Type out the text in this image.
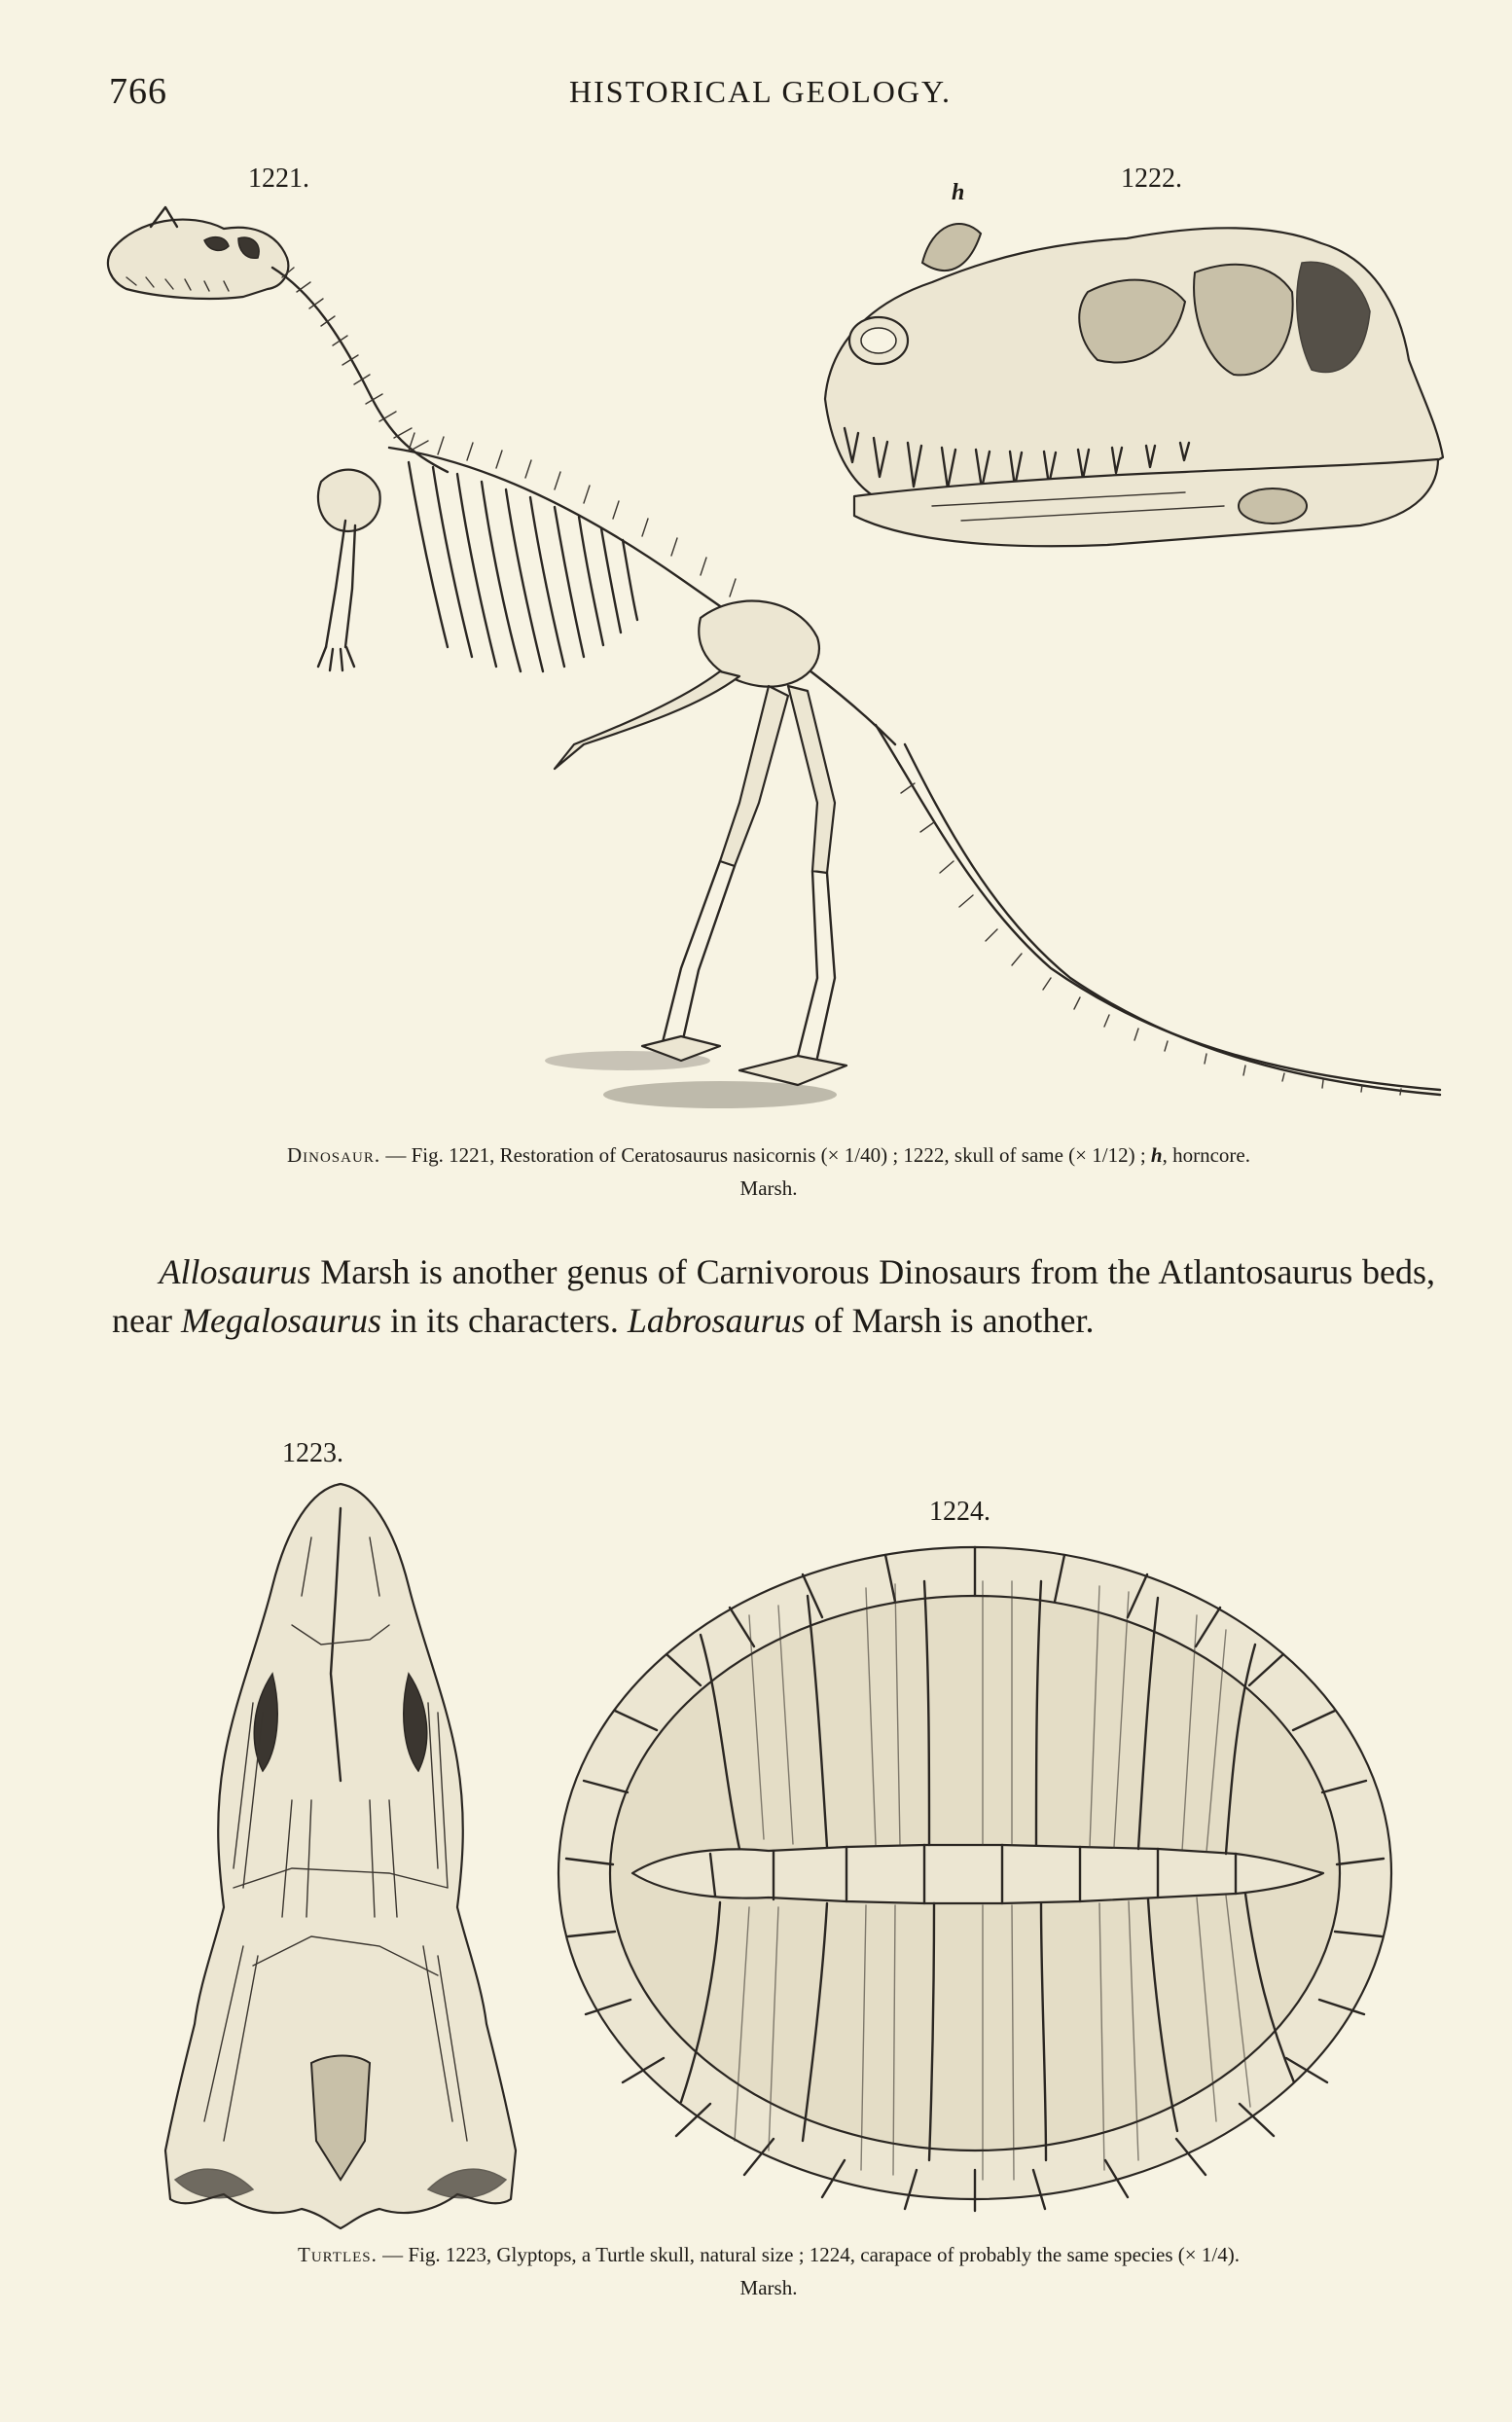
766	HISTORICAL GEOLOGY.
1221.	1222.
h
Dinosaur. — Fig. 1221, Restoration of Ceratosaurus nasicornis (× 1/40) ; 1222, skull of same (× 1/12) ; h, horncore.
Marsh.
Allosaurus Marsh is another genus of Carnivorous Dinosaurs from the Atlantosaurus beds, near Megalosaurus in its characters. Labrosaurus of Marsh is another.
1223.
1224.
Turtles. — Fig. 1223, Glyptops, a Turtle skull, natural size ; 1224, carapace of probably the same species (× 1/4).
Marsh.
